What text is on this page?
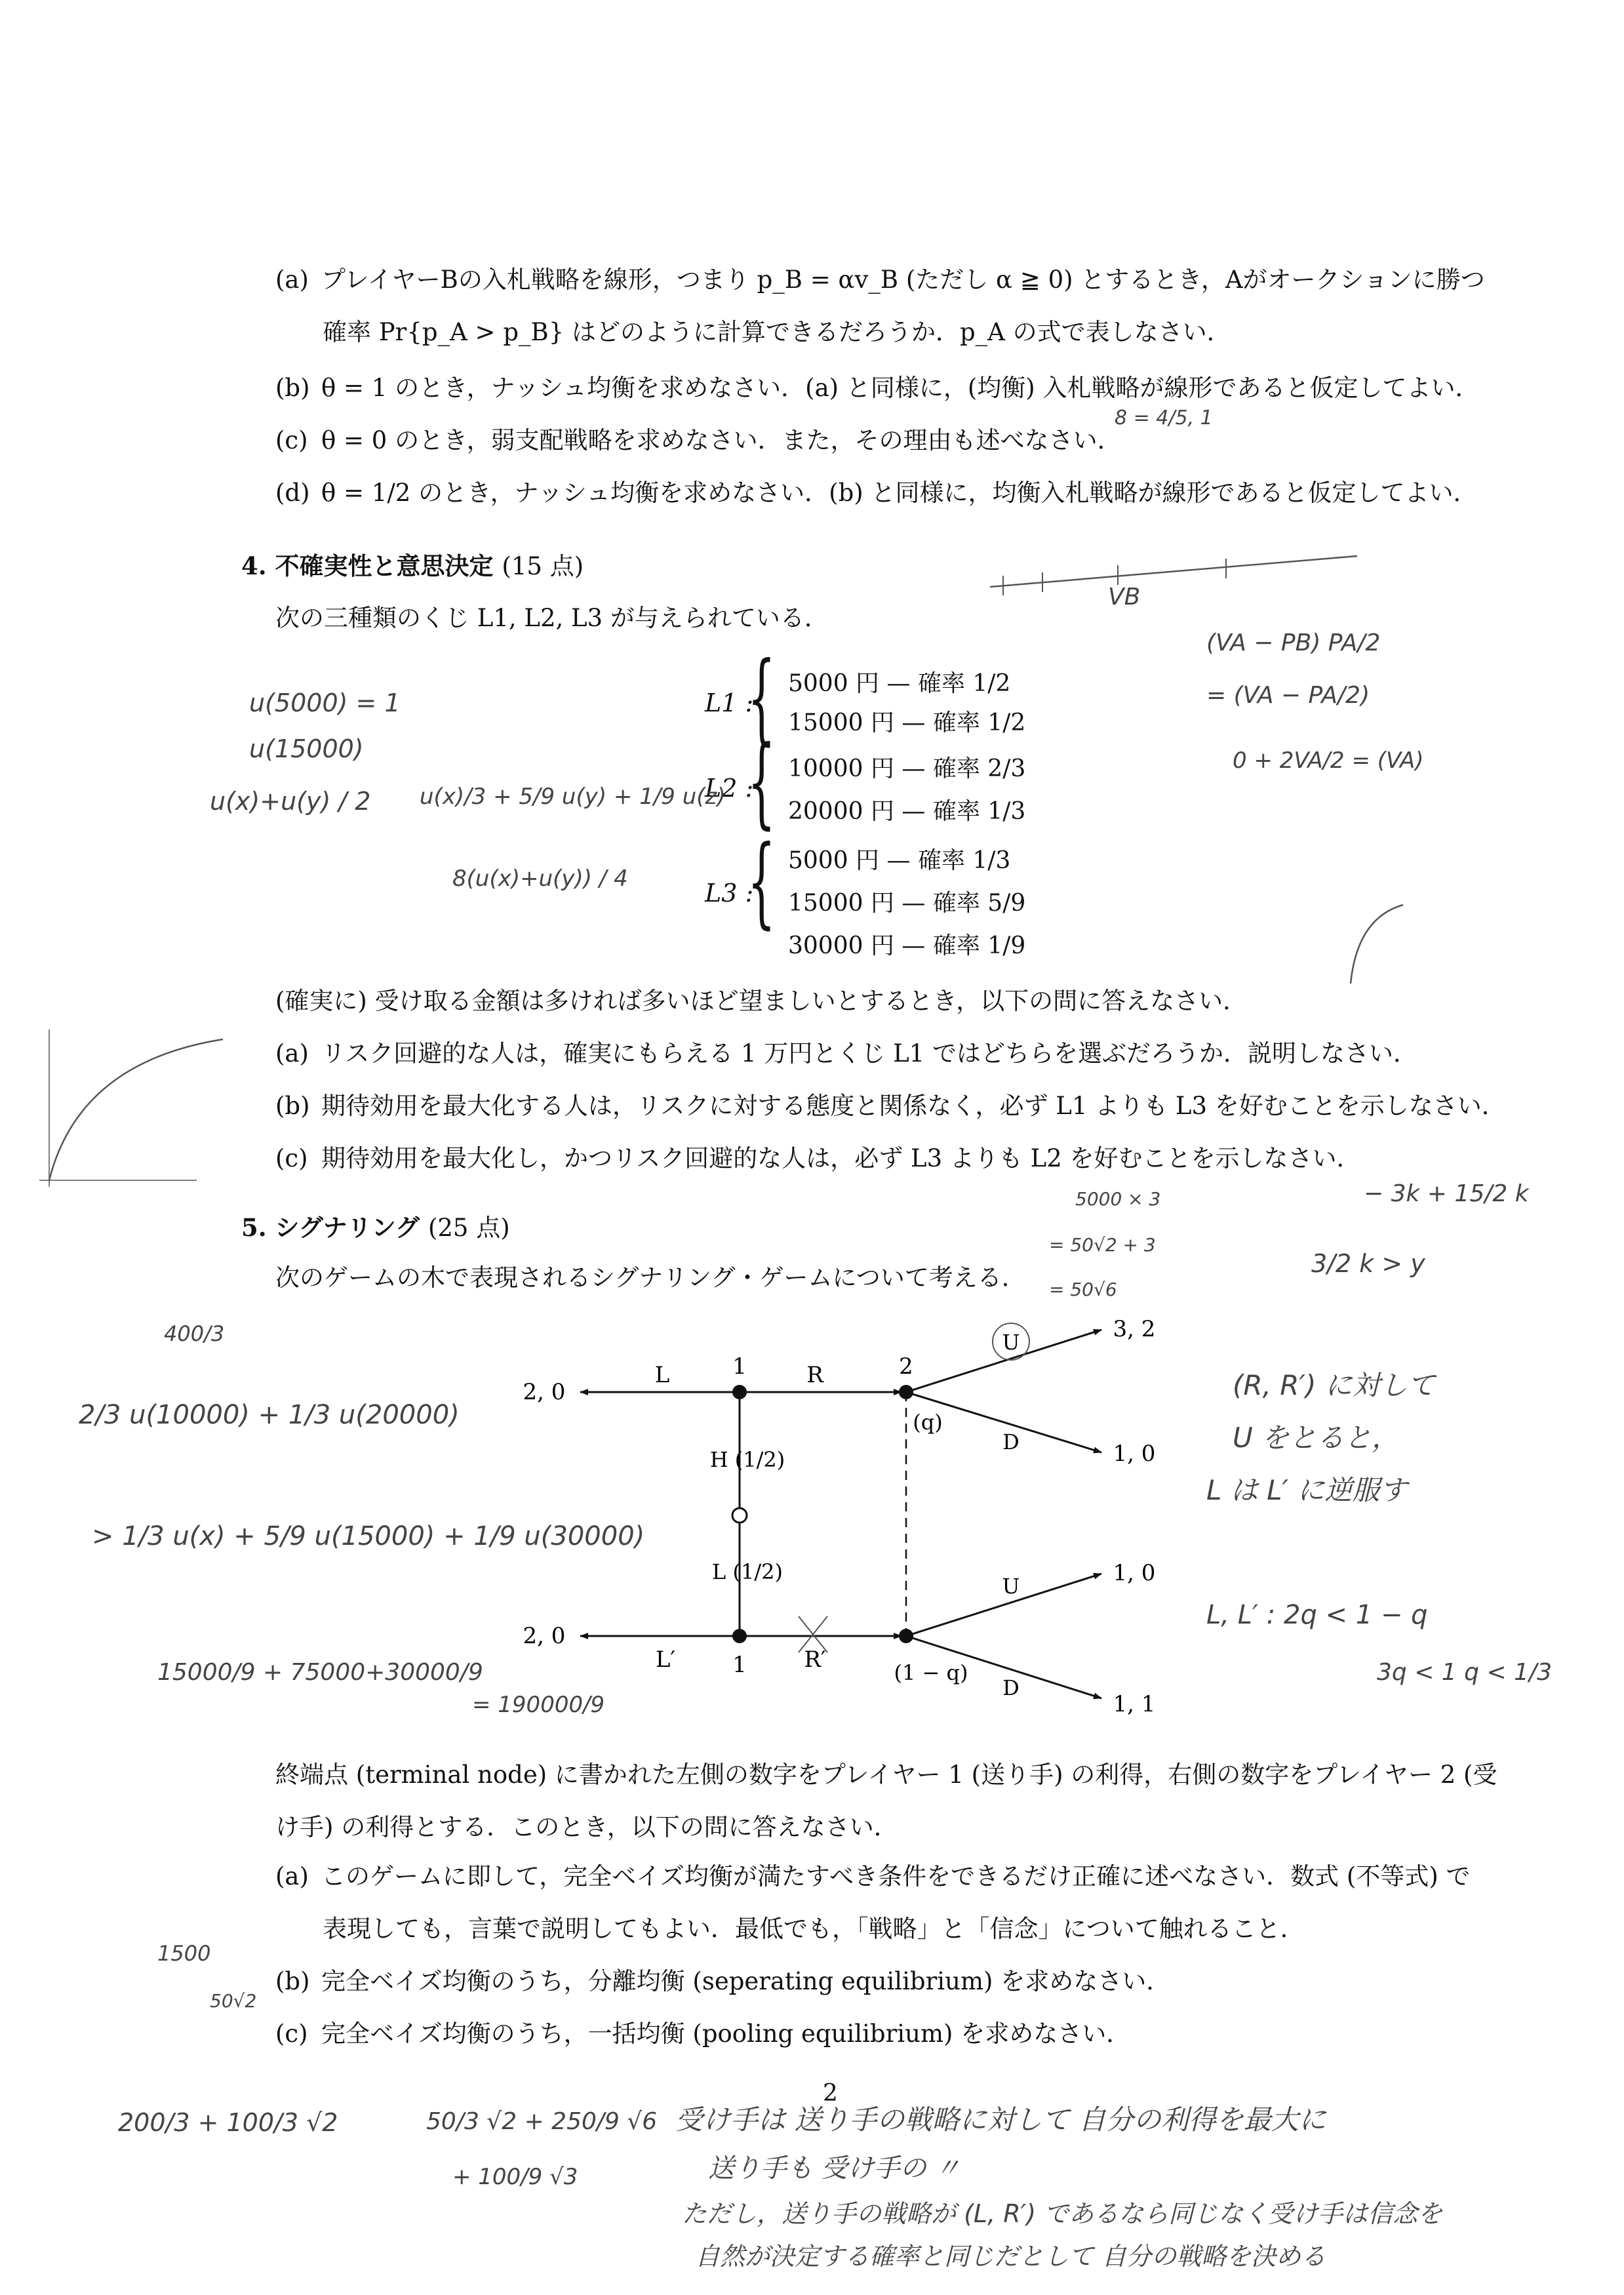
(a) プレイヤーBの入札戦略を線形，つまり p_B = αv_B (ただし α ≧ 0) とするとき，Aがオークションに勝つ
確率 Pr{p_A > p_B} はどのように計算できるだろうか．p_A の式で表しなさい．
(b) θ = 1 のとき，ナッシュ均衡を求めなさい．(a) と同様に，(均衡) 入札戦略が線形であると仮定してよい．
(c) θ = 0 のとき，弱支配戦略を求めなさい．また，その理由も述べなさい．
(d) θ = 1/2 のとき，ナッシュ均衡を求めなさい．(b) と同様に，均衡入札戦略が線形であると仮定してよい．
4. 不確実性と意思決定 (15 点)
次の三種類のくじ L1, L2, L3 が与えられている．
L1 :
{ 5000 円 — 確率 1/2
15000 円 — 確率 1/2
L2 :
{ 10000 円 — 確率 2/3
20000 円 — 確率 1/3
L3 :
{ 5000 円 — 確率 1/3
15000 円 — 確率 5/9
30000 円 — 確率 1/9
(確実に) 受け取る金額は多ければ多いほど望ましいとするとき，以下の問に答えなさい．
(a) リスク回避的な人は，確実にもらえる 1 万円とくじ L1 ではどちらを選ぶだろうか．説明しなさい．
(b) 期待効用を最大化する人は，リスクに対する態度と関係なく，必ず L1 よりも L3 を好むことを示しなさい．
(c) 期待効用を最大化し，かつリスク回避的な人は，必ず L3 よりも L2 を好むことを示しなさい．
5. シグナリング (25 点)
次のゲームの木で表現されるシグナリング・ゲームについて考える．
2, 0
2, 0
L	R
L′	R′
1
1
2
H (1/2)
L (1/2)
(q)
(1 − q)
U
D
U
D
3, 2
1, 0
1, 0
1, 1
終端点 (terminal node) に書かれた左側の数字をプレイヤー 1 (送り手) の利得，右側の数字をプレイヤー 2 (受
け手) の利得とする．このとき，以下の問に答えなさい．
(a) このゲームに即して，完全ベイズ均衡が満たすべき条件をできるだけ正確に述べなさい．数式 (不等式) で
表現しても，言葉で説明してもよい．最低でも，「戦略」と「信念」について触れること．
(b) 完全ベイズ均衡のうち，分離均衡 (seperating equilibrium) を求めなさい．
(c) 完全ベイズ均衡のうち，一括均衡 (pooling equilibrium) を求めなさい．
2
8 = 4/5, 1
VB
(VA − PB) PA/2
= (VA − PA/2)
0 + 2VA/2 = (VA)
u(5000) = 1
u(15000)
u(x)+u(y) / 2 u(x)/3 + 5/9 u(y) + 1/9 u(z)
8(u(x)+u(y)) / 4
(R, R′) に対して
U をとると，
L は L′ に逆服す
L, L′ : 2q < 1 − q
3q < 1 q < 1/3
2/3 u(10000) + 1/3 u(20000)
> 1/3 u(x) + 5/9 u(15000) + 1/9 u(30000)
15000/9 + 75000+30000/9
= 190000/9
− 3k + 15/2 k
3/2 k > y
5000 × 3
= 50√2 + 3
= 50√6
200/3 + 100/3 √2	50/3 √2 + 250/9 √6
+ 100/9 √3
受け手は 送り手の戦略に対して 自分の利得を最大に
送り手も 受け手の 〃
ただし，送り手の戦略が (L, R′) であるなら同じなく受け手は信念を
自然が決定する確率と同じだとして 自分の戦略を決める
400/3
1500
50√2
